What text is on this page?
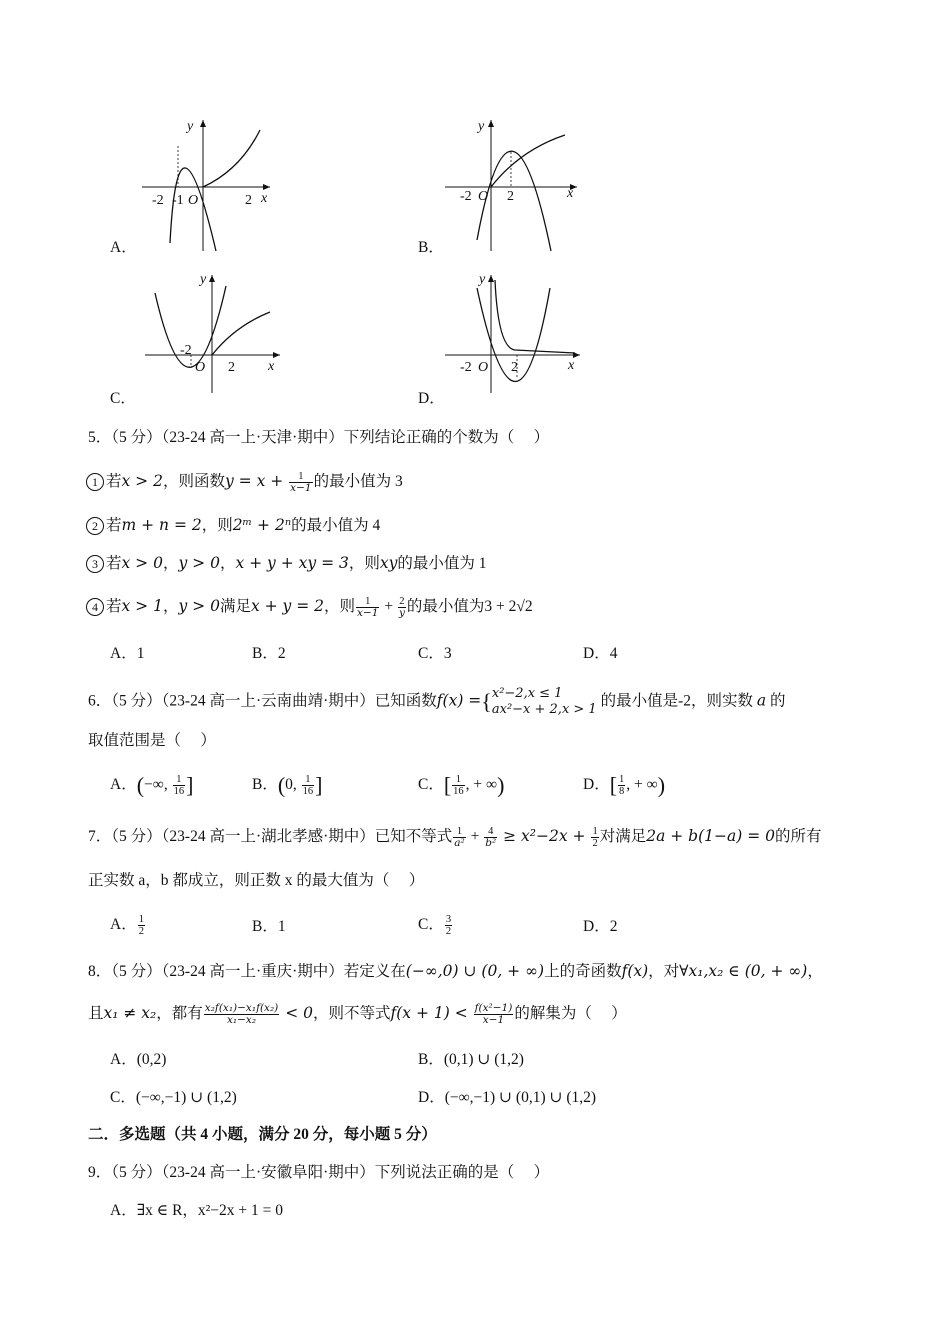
y
x
-2 -1 O	2
A．
y
x
-2 O 2
B．
y
x
-2
O 2
C．
y
x
-2 O 2
D．
5．（5 分）（23-24 高一上·天津·期中）下列结论正确的个数为（　 ）
1 若x > 2，则函数$y = x + \frac{1}{x-1}$ 的最小值为 3
2 若m + n = 2，则2ᵐ + 2ⁿ的最小值为 4
3 若x > 0，y > 0，x + y + xy = 3，则xy的最小值为 1
4 若x > 1，y > 0满足x + y = 2，则 $\frac{1}{x-1} + \frac{2}{y}$ 的最小值为3 + 2√2
A．1	B．2	C．3	D．4
6．（5 分）（23-24 高一上·云南曲靖·期中）已知函数f(x) ={ x²−2,x ≤ 1
ax²−x + 2,x > 1 的最小值是-2，则实数 a 的
取值范围是（　 ）
A．(−∞, $\frac{1}{16}$ ]	B．(0, $\frac{1}{16}$ ]	C．[ $\frac{1}{16}$ , + ∞)	D．[ $\frac{1}{8}$ , + ∞)
7．（5 分）（23-24 高一上·湖北孝感·期中）已知不等式 $\frac{1}{\text{a²}} + \frac{4}{\text{b²}} \ge x^2-2x + \frac{1}{2}$ 对满足2a + b(1−a) = 0的所有
正实数 a，b 都成立，则正数 x 的最大值为（　 ）
A． $\frac{1}{2}$	B．1	C． $\frac{3}{2}$	D．2
8．（5 分）（23-24 高一上·重庆·期中）若定义在(−∞,0) ∪ (0, + ∞)上的奇函数f(x)，对∀x₁,x₂ ∈ (0, + ∞)，
且x₁ ≠ x₂，都有 $\frac{\text{x₂f(x₁)−x₁f(x₂)}}{\text{x₁−x₂}} < 0$，则不等式$f(x + 1) < \frac{\text{f(x²−1)}}{x-1}$ 的解集为（　 ）
A．(0,2)	B．(0,1) ∪ (1,2)
C．(−∞,−1) ∪ (1,2)	D．(−∞,−1) ∪ (0,1) ∪ (1,2)
二．多选题（共 4 小题，满分 20 分，每小题 5 分）
9．（5 分）（23-24 高一上·安徽阜阳·期中）下列说法正确的是（　 ）
A．∃x ∈ R，x²−2x + 1 = 0
